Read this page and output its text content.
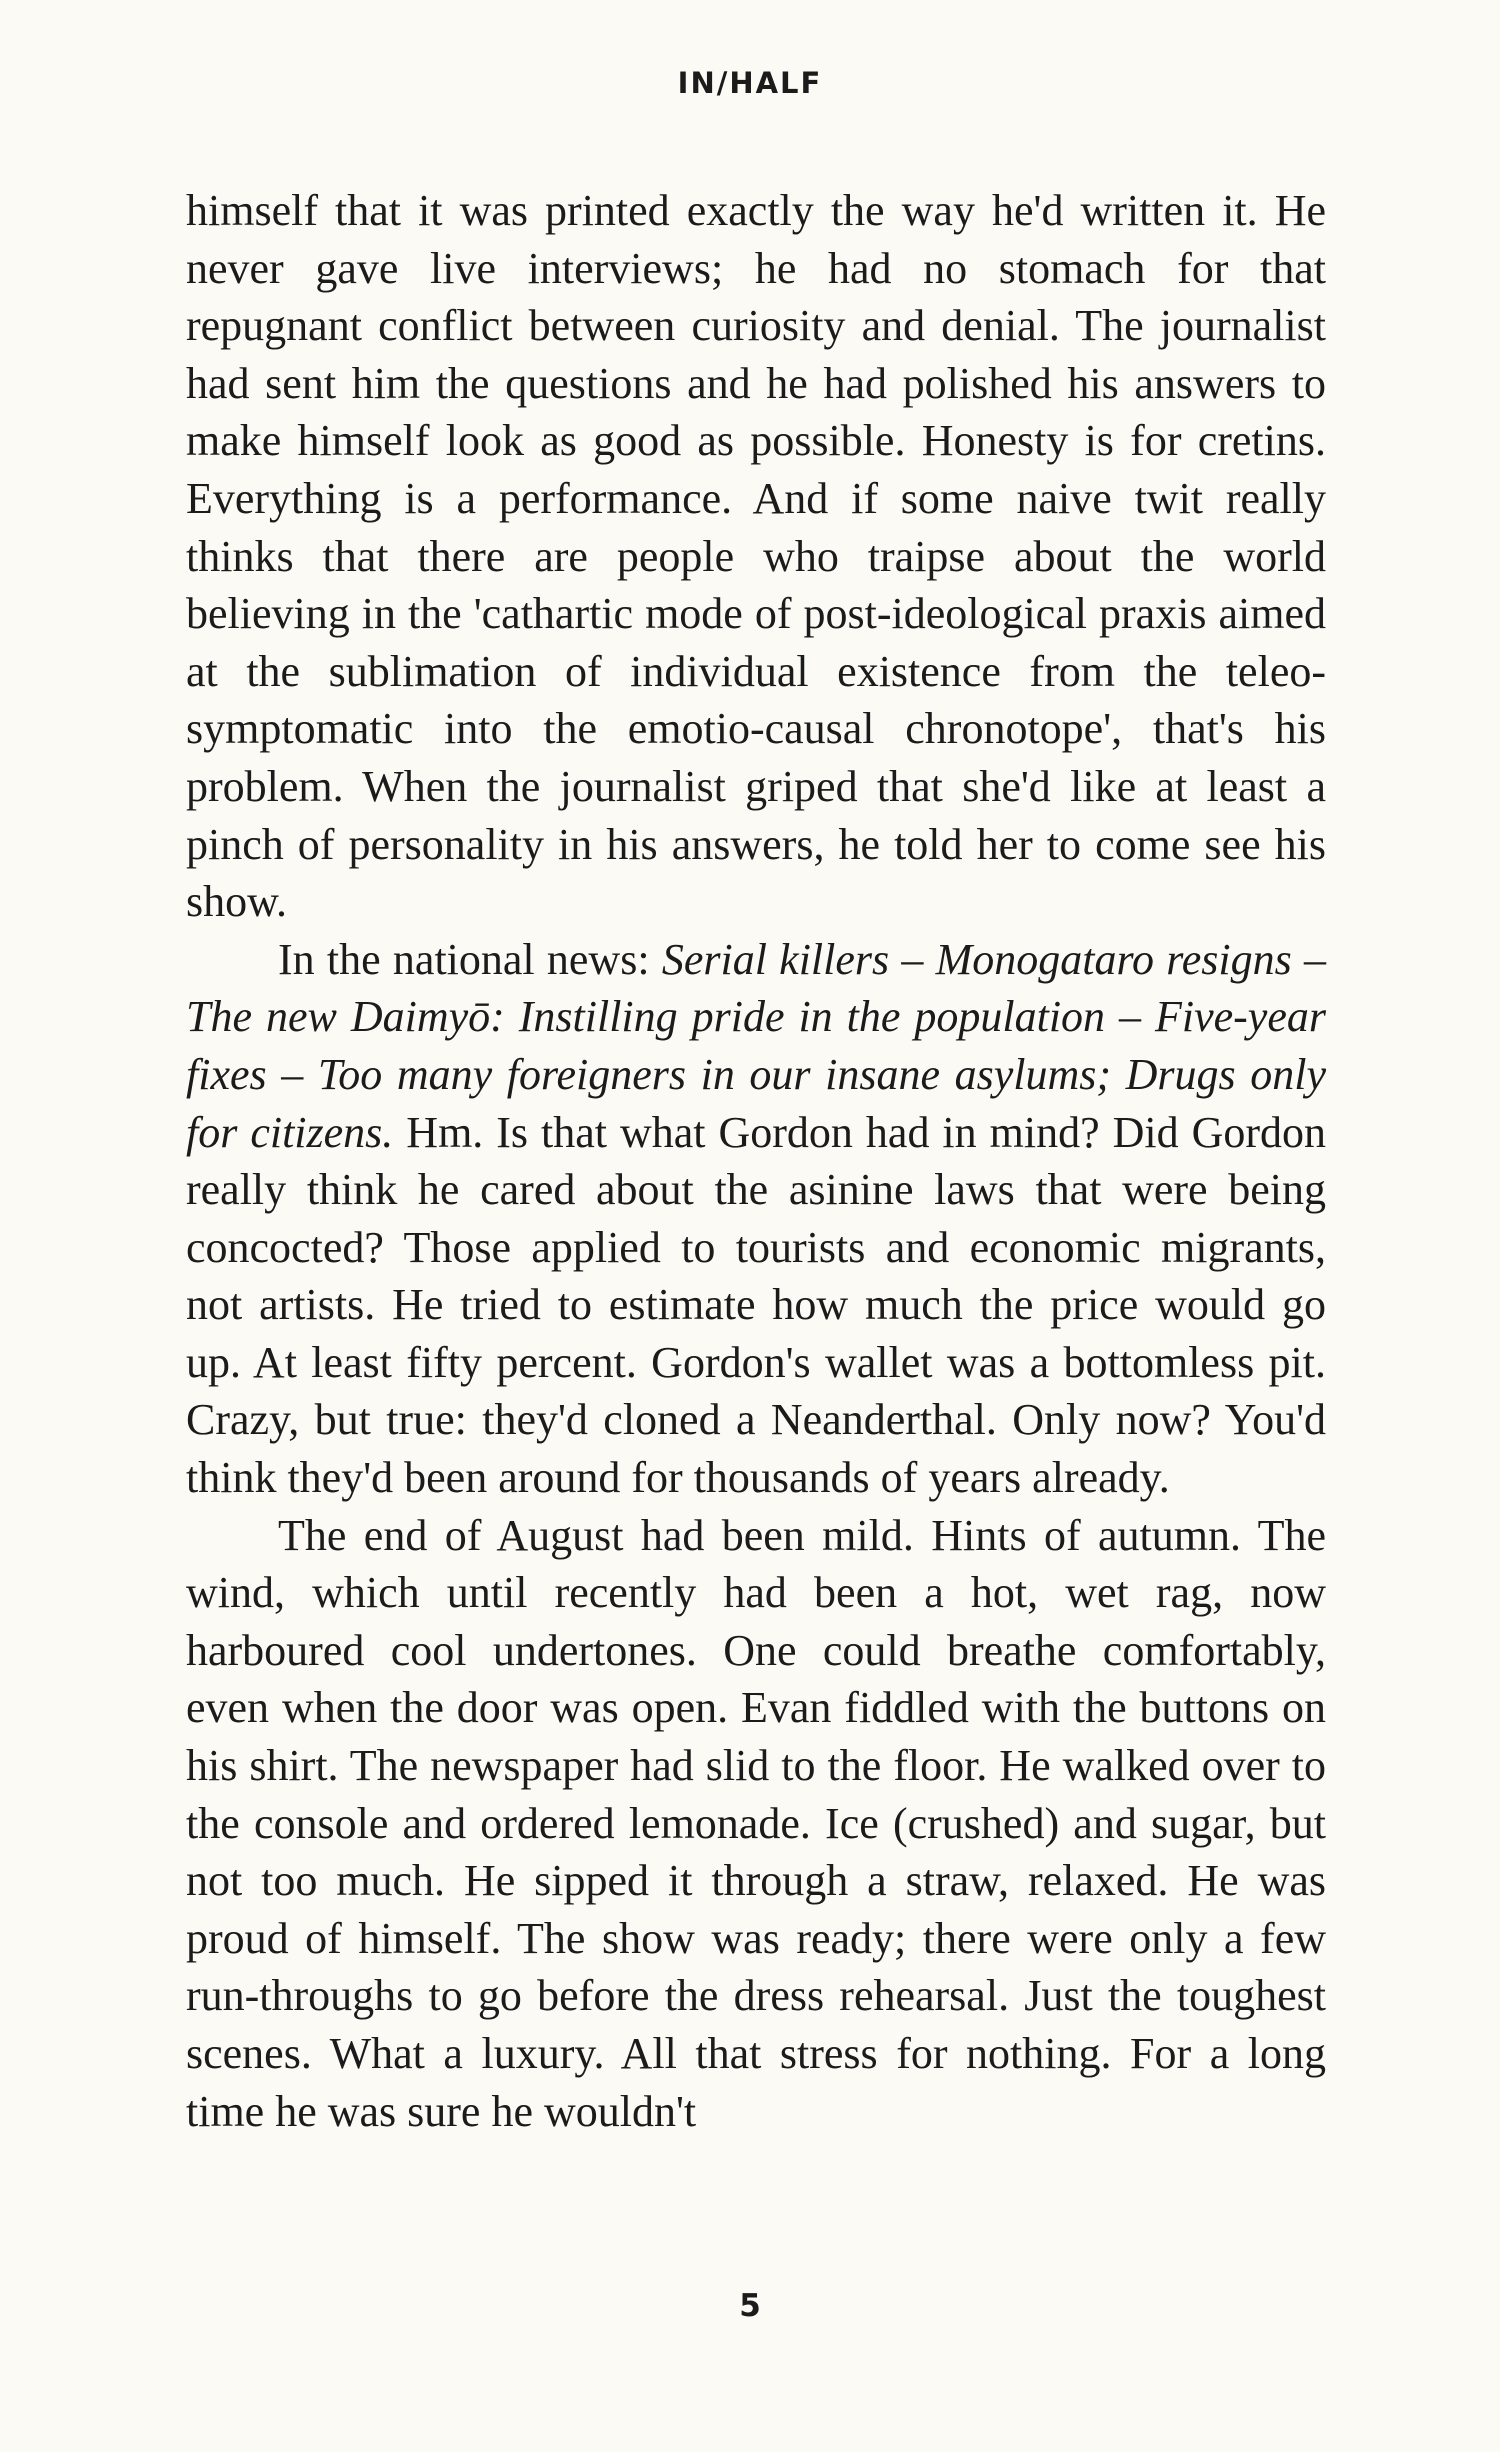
IN/HALF

himself that it was printed exactly the way he'd written it. He never gave live interviews; he had no stomach for that repugnant conflict between curiosity and denial. The journalist had sent him the questions and he had polished his answers to make himself look as good as possible. Honesty is for cretins. Everything is a performance. And if some naive twit really thinks that there are people who traipse about the world believing in the 'cathartic mode of post-ideological praxis aimed at the sublimation of individual existence from the teleo-symptomatic into the emotio-causal chronotope', that's his problem. When the journalist griped that she'd like at least a pinch of personality in his answers, he told her to come see his show.

In the national news: Serial killers – Monogataro resigns – The new Daimyō: Instilling pride in the population – Five-year fixes – Too many foreigners in our insane asylums; Drugs only for citizens. Hm. Is that what Gordon had in mind? Did Gordon really think he cared about the asinine laws that were being concocted? Those applied to tourists and economic migrants, not artists. He tried to estimate how much the price would go up. At least fifty percent. Gordon's wallet was a bottomless pit. Crazy, but true: they'd cloned a Neanderthal. Only now? You'd think they'd been around for thousands of years already.

The end of August had been mild. Hints of autumn. The wind, which until recently had been a hot, wet rag, now harboured cool undertones. One could breathe comfortably, even when the door was open. Evan fiddled with the buttons on his shirt. The newspaper had slid to the floor. He walked over to the console and ordered lemonade. Ice (crushed) and sugar, but not too much. He sipped it through a straw, relaxed. He was proud of himself. The show was ready; there were only a few run-throughs to go before the dress rehearsal. Just the toughest scenes. What a luxury. All that stress for nothing. For a long time he was sure he wouldn't

5
